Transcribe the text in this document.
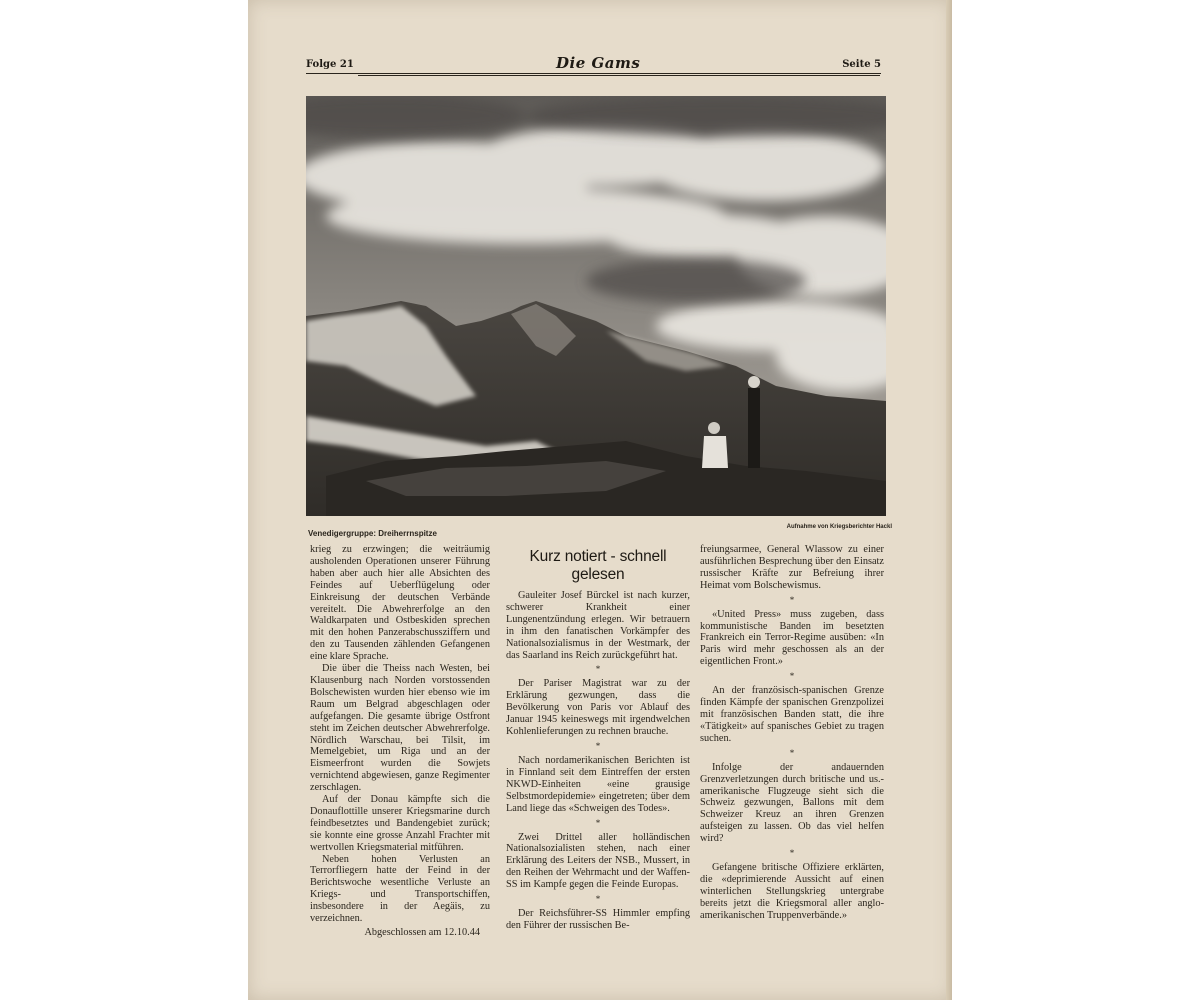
Folge 21	Die Gams	Seite 5
Venedigergruppe: Dreiherrnspitze
Aufnahme von Kriegsberichter Hackl

krieg zu erzwingen; die weiträumig ausholenden Operationen unserer Führung haben aber auch hier alle Absichten des Feindes auf Ueberflügelung oder Einkreisung der deutschen Verbände vereitelt. Die Abwehrerfolge an den Waldkarpaten und Ostbeskiden sprechen mit den hohen Panzerabschussziffern und den zu Tausenden zählenden Gefangenen eine klare Sprache.

Die über die Theiss nach Westen, bei Klausenburg nach Norden vorstossenden Bolschewisten wurden hier ebenso wie im Raum um Belgrad abgeschlagen oder aufgefangen. Die gesamte übrige Ostfront steht im Zeichen deutscher Abwehrerfolge. Nördlich Warschau, bei Tilsit, im Memelgebiet, um Riga und an der Eismeerfront wurden die Sowjets vernichtend abgewiesen, ganze Regimenter zerschlagen.

Auf der Donau kämpfte sich die Donauflottille unserer Kriegsmarine durch feindbesetztes und Bandengebiet zurück; sie konnte eine grosse Anzahl Frachter mit wertvollen Kriegsmaterial mitführen.

Neben hohen Verlusten an Terrorfliegern hatte der Feind in der Berichtswoche wesentliche Verluste an Kriegs- und Transportschiffen, insbesondere in der Aegäis, zu verzeichnen.

Abgeschlossen am 12.10.44

Kurz notiert - schnell gelesen

Gauleiter Josef Bürckel ist nach kurzer, schwerer Krankheit einer Lungenentzündung erlegen. Wir betrauern in ihm den fanatischen Vorkämpfer des Nationalsozialismus in der Westmark, der das Saarland ins Reich zurückgeführt hat.

*

Der Pariser Magistrat war zu der Erklärung gezwungen, dass die Bevölkerung von Paris vor Ablauf des Januar 1945 keineswegs mit irgendwelchen Kohlenlieferungen zu rechnen brauche.

*

Nach nordamerikanischen Berichten ist in Finnland seit dem Eintreffen der ersten NKWD-Einheiten «eine grausige Selbstmordepidemie» eingetreten; über dem Land liege das «Schweigen des Todes».

*

Zwei Drittel aller holländischen Nationalsozialisten stehen, nach einer Erklärung des Leiters der NSB., Mussert, in den Reihen der Wehrmacht und der Waffen-SS im Kampfe gegen die Feinde Europas.

*

Der Reichsführer-SS Himmler empfing den Führer der russischen Be-

freiungsarmee, General Wlassow zu einer ausführlichen Besprechung über den Einsatz russischer Kräfte zur Befreiung ihrer Heimat vom Bolschewismus.

*

«United Press» muss zugeben, dass kommunistische Banden im besetzten Frankreich ein Terror-Regime ausüben: «In Paris wird mehr geschossen als an der eigentlichen Front.»

*

An der französisch-spanischen Grenze finden Kämpfe der spanischen Grenzpolizei mit französischen Banden statt, die ihre «Tätigkeit» auf spanisches Gebiet zu tragen suchen.

*

Infolge der andauernden Grenzverletzungen durch britische und us.-amerikanische Flugzeuge sieht sich die Schweiz gezwungen, Ballons mit dem Schweizer Kreuz an ihren Grenzen aufsteigen zu lassen. Ob das viel helfen wird?

*

Gefangene britische Offiziere erklärten, die «deprimierende Aussicht auf einen winterlichen Stellungskrieg untergrabe bereits jetzt die Kriegsmoral aller anglo-amerikanischen Truppenverbände.»
